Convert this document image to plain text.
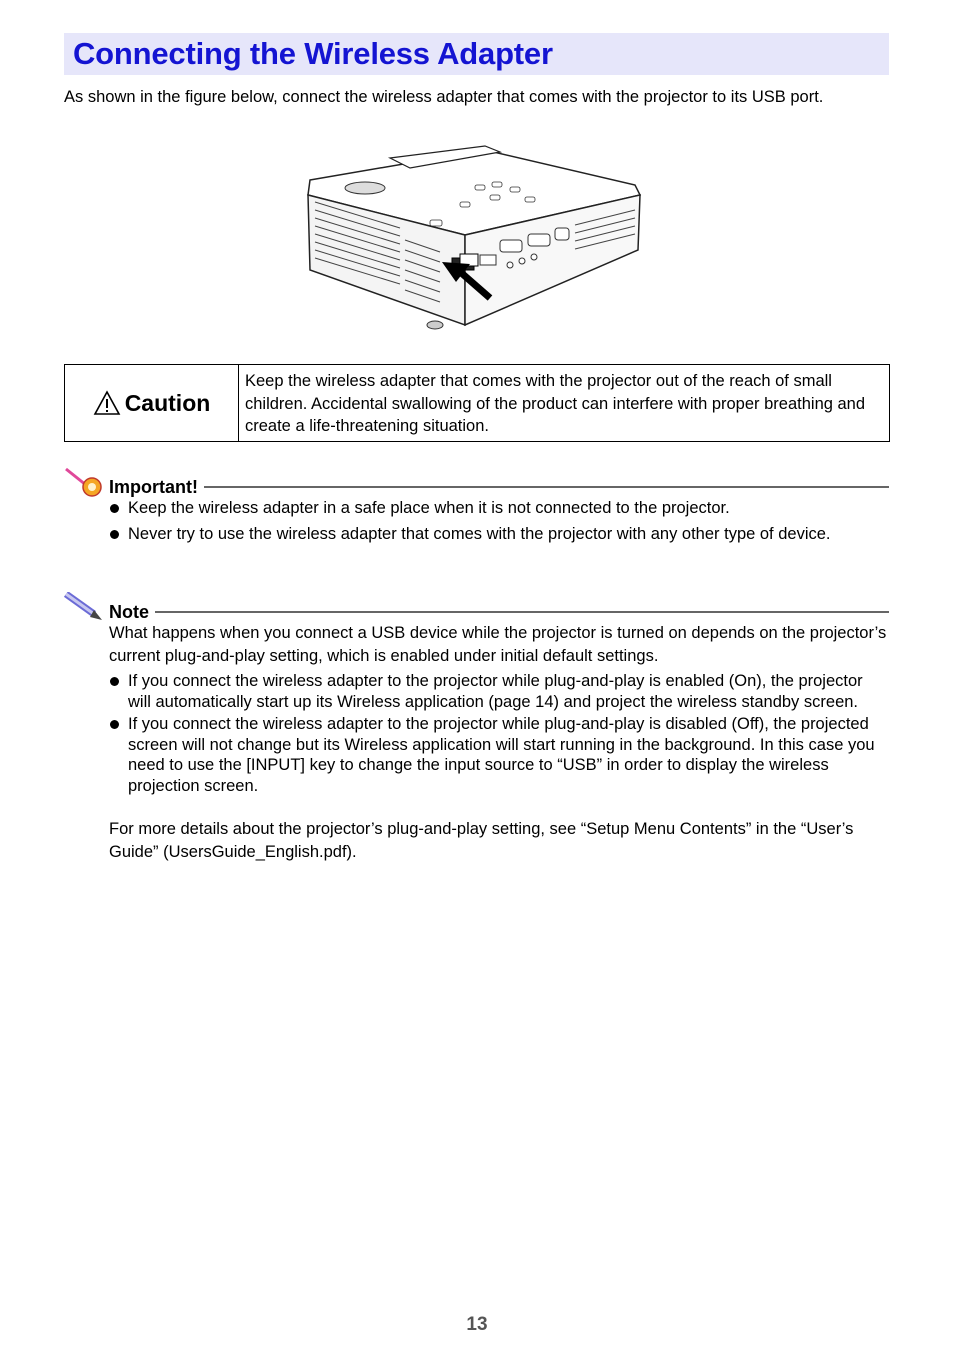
Connecting the Wireless Adapter
As shown in the figure below, connect the wireless adapter that comes with the projector to its USB port.
Caution
Keep the wireless adapter that comes with the projector out of the reach of small children. Accidental swallowing of the product can interfere with proper breathing and create a life-threatening situation.
Important!
Keep the wireless adapter in a safe place when it is not connected to the projector.
Never try to use the wireless adapter that comes with the projector with any other type of device.
Note

What happens when you connect a USB device while the projector is turned on depends on the projector’s current plug-and-play setting, which is enabled under initial default settings.

If you connect the wireless adapter to the projector while plug-and-play is enabled (On), the projector will automatically start up its Wireless application (page 14) and project the wireless standby screen.
If you connect the wireless adapter to the projector while plug-and-play is disabled (Off), the projected screen will not change but its Wireless application will start running in the background. In this case you need to use the [INPUT] key to change the input source to “USB” in order to display the wireless projection screen.

For more details about the projector’s plug-and-play setting, see “Setup Menu Contents” in the “User’s Guide” (UsersGuide_English.pdf).

13
